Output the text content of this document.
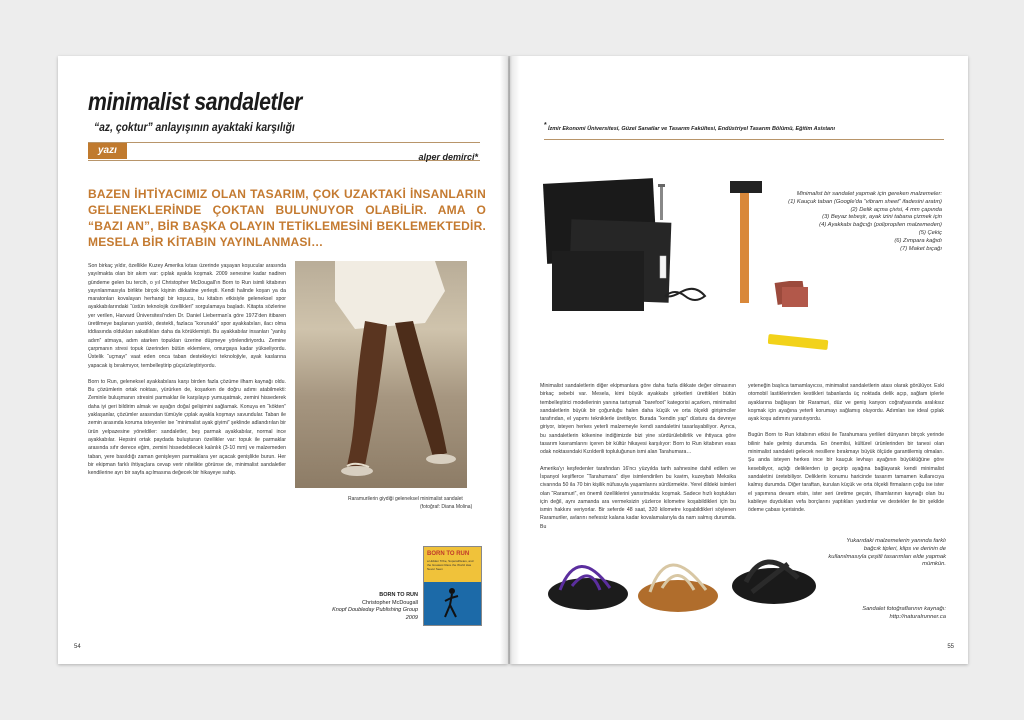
minimalist sandaletler
“az, çoktur” anlayışının ayaktaki karşılığı
yazı
alper demirci*
BAZEN İHTİYACIMIZ OLAN TASARIM, ÇOK UZAKTAKİ İNSANLARIN GELENEKLERİNDE ÇOKTAN BULUNUYOR OLABİLİR. AMA O “BAZI AN”, BİR BAŞKA OLAYIN TETİKLEMESİNİ BEKLEMEKTEDİR. MESELA BİR KİTABIN YAYINLANMASI…

Son birkaç yıldır, özellikle Kuzey Amerika kıtası üzerinde yaşayan koşucular arasında yayılmakta olan bir akım var: çıplak ayakla koşmak. 2009 senesine kadar nadiren gündeme gelen bu tercih, o yıl Christopher McDougall'ın Born to Run isimli kitabının yayınlanmasıyla birlikte birçok kişinin dikkatine yerleşti. Kendi halinde koşan ya da maratonları kovalayan herhangi bir koşucu, bu kitabın etkisiyle geleneksel spor ayakkabılarındaki “üstün teknolojik özellikleri” sorgulamaya başladı. Kitapta sözlerine yer verilen, Harvard Üniversitesi'nden Dr. Daniel Lieberman'a göre 1972'den itibaren üretilmeye başlanan yastıklı, destekli, fazlaca “korunaklı” spor ayakkabıları, ilacı olma iddiasında oldukları sakatlıkları daha da körüklemişti. Bu ayakkabılar insanları “yanlış adım” atmaya, adım atarken topukları üzerine düşmeye yönlendiriyordu. Zemine çarpmanın stresi topuk üzerinden bütün eklemlere, omurgaya kadar yükseliyordu. Üstelik “uçmayı” vaat eden onca taban destekleyici teknolojiyle, ayak kaslarına yapacak iş bırakmıyor, tembelleştirip güçsüzleştiriyordu.

Born to Run, geleneksel ayakkabılara karşı birden fazla çözüme ilham kaynağı oldu. Bu çözümlerin ortak noktası, yürürken de, koşarken de doğru adımı atabilmekti: Zeminle buluşmanın stresini parmaklar ile karşılayıp yumuşatmak, zemini hissederek daha iyi geri bildirim almak ve ayağın doğal gelişimini sağlamak. Konuya en “kökten” yaklaşanlar, çözümler arasından tümüyle çıplak ayakla koşmayı savundular. Taban ile zemin arasında koruma isteyenler ise “minimalist ayak giyimi” şeklinde adlandırılan bir ürün yelpazesine yöneldiler: sandaletler, beş parmak ayakkabılar, normal ince ayakkabılar. Hepsini ortak paydada buluşturan özellikler var: topuk ile parmaklar arasında sıfır derece eğim, zemini hissedebilecek kalınlık (3-10 mm) ve malzemeden taban, yere basıldığı zaman genişleyen parmaklara yer açacak genişlikte burun. Her bir ekipman farklı ihtiyaçlara cevap verir nitelikte görünse de, minimalist sandaletler kendilerine ayrı bir sayfa açılmasına değecek bir hikayeye sahip.

Raramurilerin giydiği geleneksel minimalist sandalet
(fotoğraf: Diana Molina)
BORN TO RUN
Christopher McDougall
Knopf Doubleday Publishing Group
2009
BORN TO RUN
a Hidden Tribe, Superathletes, and the Greatest Race the World Has Never Seen
54
* İzmir Ekonomi Üniversitesi, Güzel Sanatlar ve Tasarım Fakültesi, Endüstriyel Tasarım Bölümü, Eğitim Asistanı
Minimalist bir sandalet yapmak için gereken malzemeler:
(1) Kauçuk taban (Google'da “vibram sheet” ifadesini aratın)
(2) Delik açma çivisi, 4 mm çapında
(3) Beyaz tebeşir, ayak izini tabana çizmek için
(4) Ayakkabı bağcığı (polipropilen malzemeden)
(5) Çekiç
(6) Zımpara kağıdı
(7) Maket bıçağı

Minimalist sandaletlerin diğer ekipmanlara göre daha fazla dikkate değer olmasının birkaç sebebi var. Mesela, kimi büyük ayakkabı şirketleri ürettikleri bütün tembelleştirici modellerinin yanına tartışmalı “barefoot” kategorisi açarken, minimalist sandaletlerin büyük bir çoğunluğu halen daha küçük ve orta ölçekli girişimciler tarafından, el yapımı tekniklerle üretiliyor. Burada “kendin yap” düsturu da devreye giriyor, isteyen herkes yeterli malzemeyle kendi sandaletini tasarlayabiliyor. Ayrıca, bu sandaletlerin kökenine indiğimizde bizi yine sürdürülebilirlik ve ihtiyaca göre tasarım kavramlarını içeren bir kültür hikayesi karşılıyor: Born to Run kitabının esas odak noktasındaki Kızılderili topluluğunun ismi alan Tarahumara…

Amerika'yı keşfedenler tarafından 16'ncı yüzyılda tarih sahnesine dahil edilen ve İspanyol keşiflerce “Tarahumara” diye isimlendirilen bu kavim, kuzeybatı Meksika civarında 50 ila 70 bin kişilik nüfusuyla yaşamlarını sürdürmekte. Yerel dildeki isimleri olan “Raramuri”, en önemli özelliklerini yansıtmakta: koşmak. Sadece hızlı koştukları için değil, aynı zamanda ara vermeksizin yüzlerce kilometre koşabildikleri için bu ismin hakkını veriyorlar. Bir seferde 48 saat, 320 kilometre koşabildikleri söylenen Raramuriler, avlarını nefessiz kalana kadar kovalamalarıyla da nam salmış durumda. Bu

yeteneğin başlıca tamamlayıcısı, minimalist sandaletlerin atası olarak görülüyor. Eski otomobil lastiklerinden kestikleri tabanlarda üç noktada delik açıp, sağlam iplerle ayaklarına bağlayan bir Raramuri, düz ve geniş kanyon coğrafyasında aralıksız koşmak için ayağına yeterli korumayı sağlamış oluyordu. Adımları ise ideal çıplak ayak koşu adımını yansıtıyordu.

Bugün Born to Run kitabının etkisi ile Tarahumara yerlileri dünyanın birçok yerinde bilinir hale gelmiş durumda. En önemlisi, kültürel ürünlerinden bir tanesi olan minimalist sandaleti gelecek nesillere bırakmayı büyük ölçüde garantilemiş olmaları. Şu anda isteyen herkes ince bir kauçuk levhayı ayağının büyüklüğüne göre kesebiliyor, açtığı deliklerden ip geçirip ayağına bağlayarak kendi minimalist sandaletini üretebiliyor. Deliklerin konumu haricinde tasarım tamamen kullanıcıya kalmış durumda. Diğer taraftan, kurulan küçük ve orta ölçekli firmaların çoğu ise ister el yapımına devam etsin, ister seri üretime geçsin, ilhamlarının kaynağı olan bu kabileye duydukları vefa borçlarını yaptıkları yardımlar ve destekler ile bir şekilde ödeme çabası içerisinde.

Yukarıdaki malzemelerin yanında farklı bağcık tipleri, klips ve derinin de kullanılmasıyla çeşitli tasarımları elde yapmak mümkün.
Sandalet fotoğraflarının kaynağı:
http://naturalrunner.ca
55
